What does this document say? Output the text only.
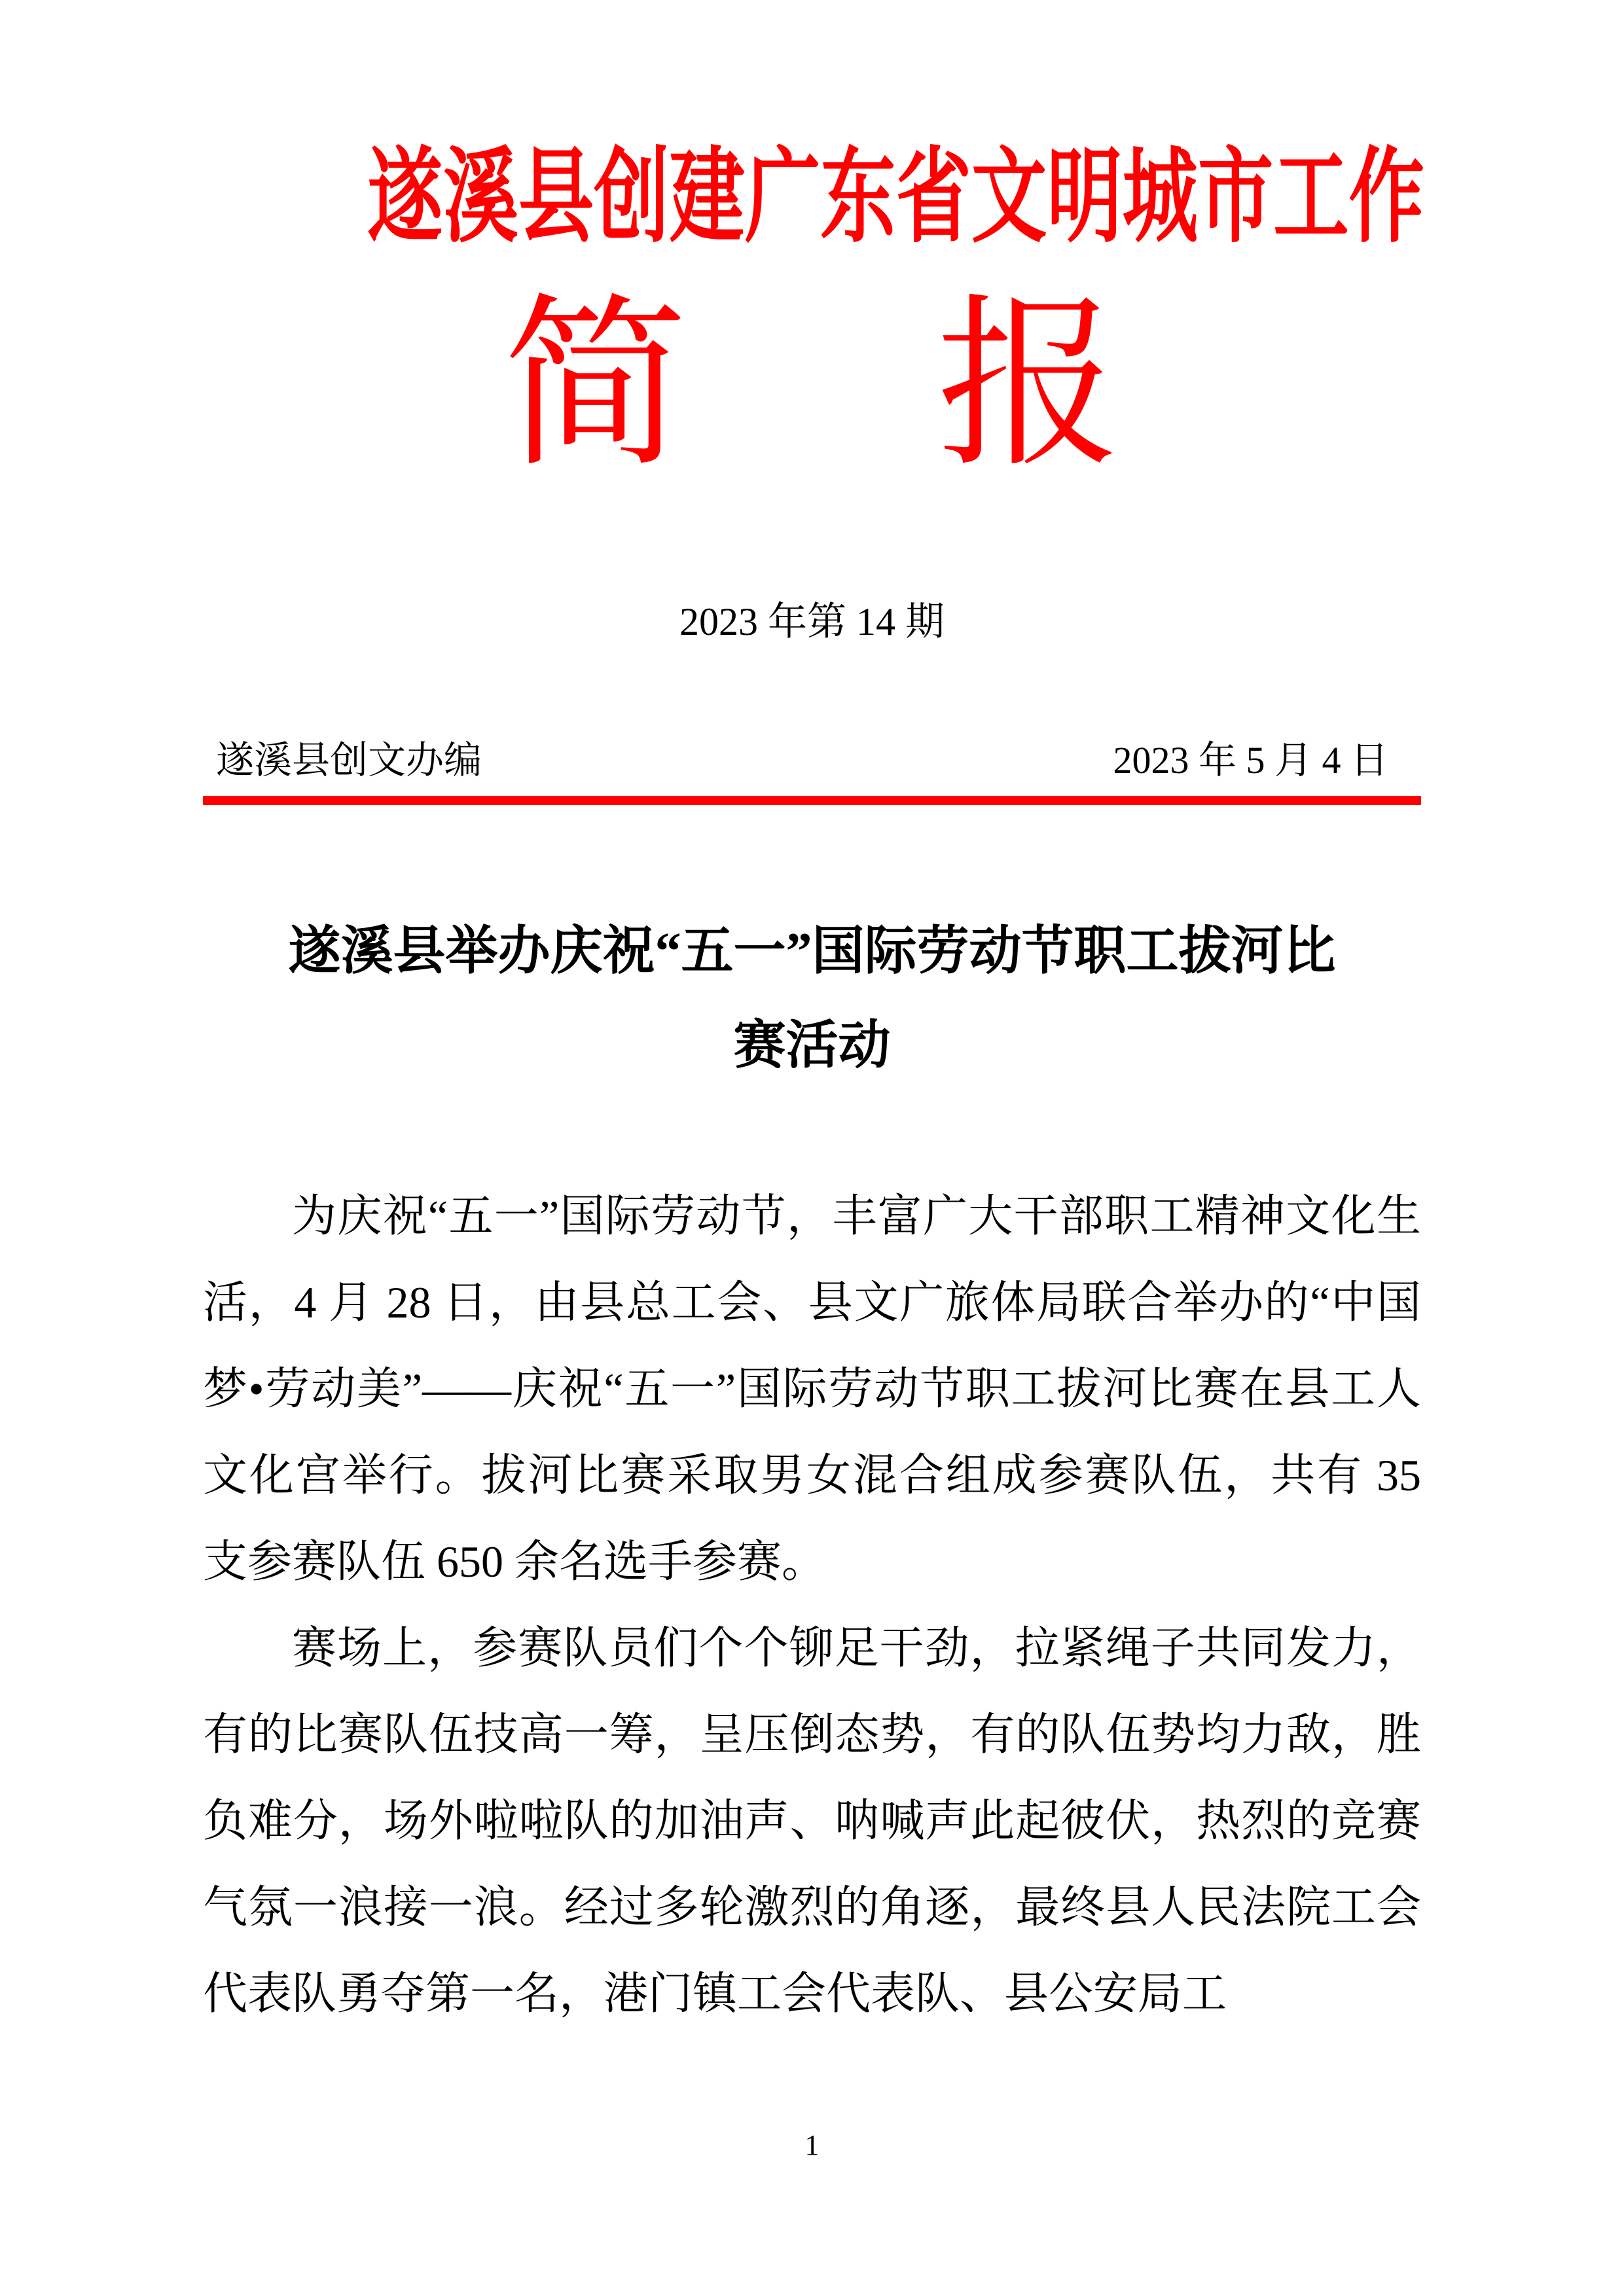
遂溪县创建广东省文明城市工作
简 报
2023 年第 14 期
遂溪县创文办编	2023 年 5 月 4 日
遂溪县举办庆祝“五一”国际劳动节职工拔河比
赛活动

为庆祝“五一”国际劳动节，丰富广大干部职工精神文化生活，4 月 28 日，由县总工会、县文广旅体局联合举办的“中国梦•劳动美”——庆祝“五一”国际劳动节职工拔河比赛在县工人文化宫举行。拔河比赛采取男女混合组成参赛队伍，共有 35 支参赛队伍 650 余名选手参赛。

赛场上，参赛队员们个个铆足干劲，拉紧绳子共同发力，有的比赛队伍技高一筹，呈压倒态势，有的队伍势均力敌，胜负难分，场外啦啦队的加油声、呐喊声此起彼伏，热烈的竞赛气氛一浪接一浪。经过多轮激烈的角逐，最终县人民法院工会代表队勇夺第一名，港门镇工会代表队、县公安局工

1
